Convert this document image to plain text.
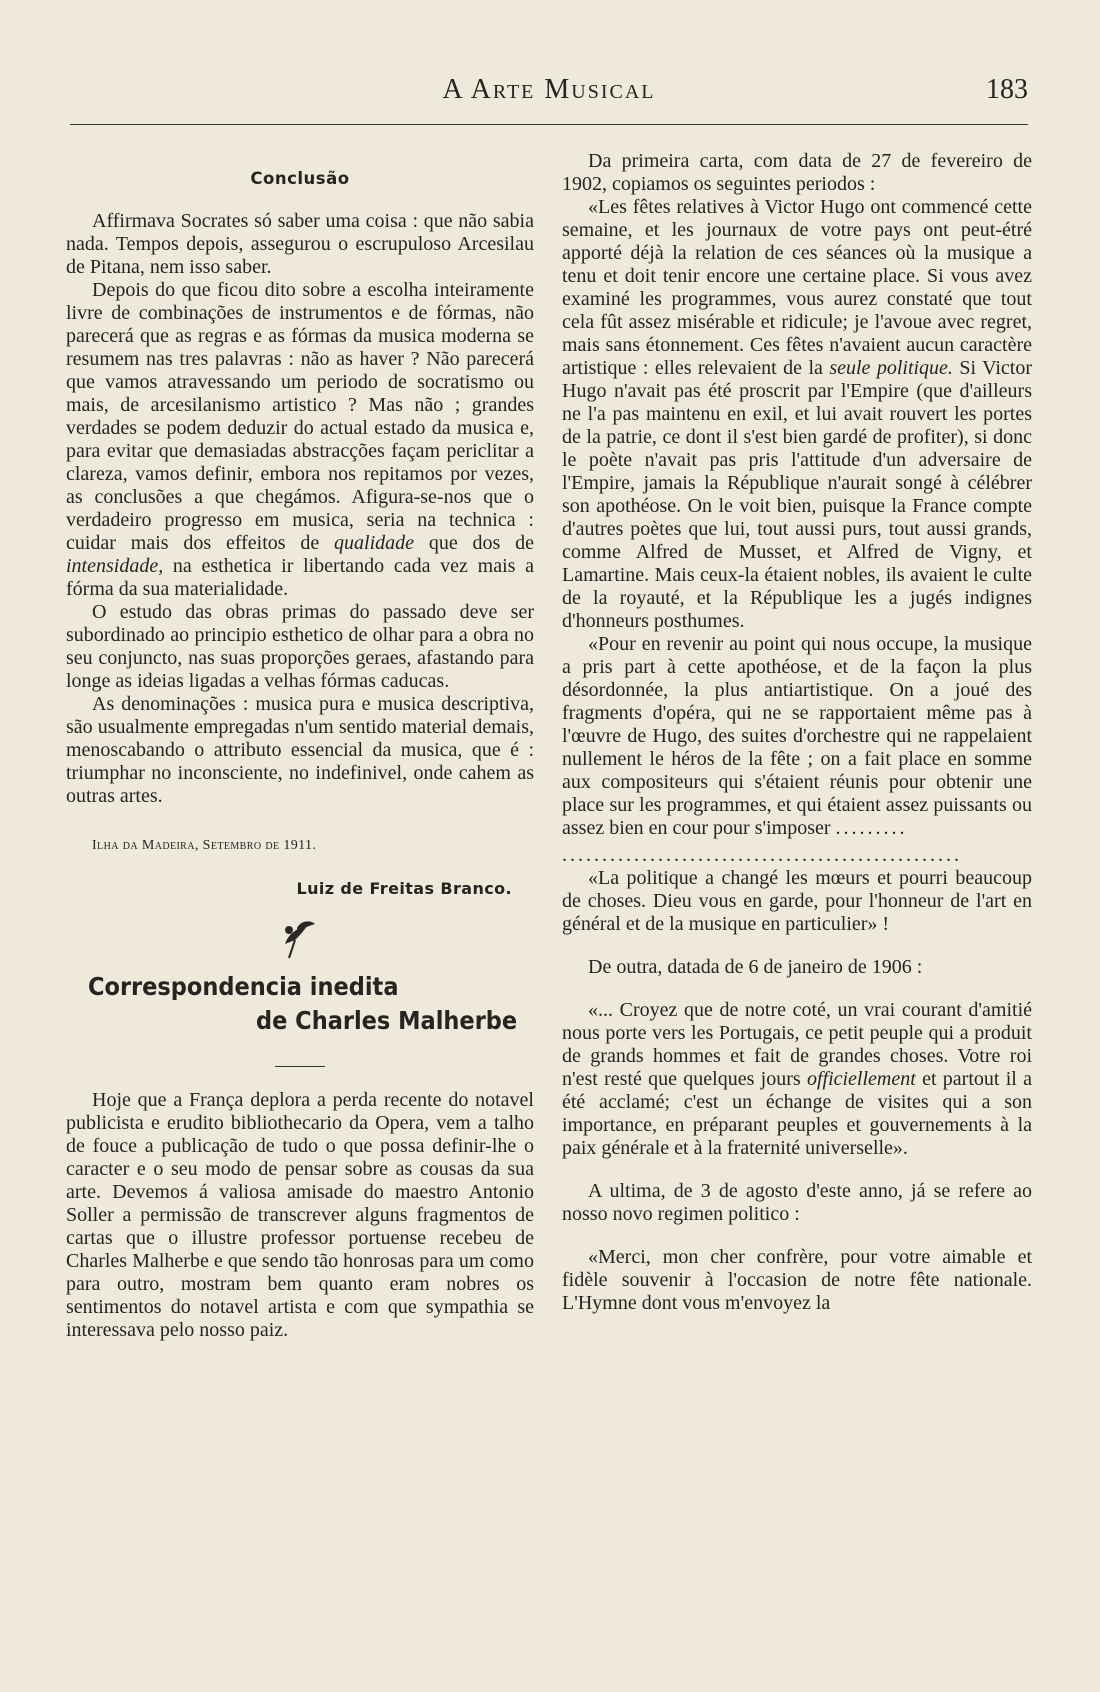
A Arte Musical	183
Conclusão

Affirmava Socrates só saber uma coisa : que não sabia nada. Tempos depois, assegurou o escrupuloso Arcesilau de Pitana, nem isso saber.

Depois do que ficou dito sobre a escolha inteiramente livre de combinações de instrumentos e de fórmas, não parecerá que as regras e as fórmas da musica moderna se resumem nas tres palavras : não as haver ? Não parecerá que vamos atravessando um periodo de socratismo ou mais, de arcesilanismo artistico ? Mas não ; grandes verdades se podem deduzir do actual estado da musica e, para evitar que demasiadas abstracções façam periclitar a clareza, vamos definir, embora nos repitamos por vezes, as conclusões a que chegámos. Afigura-se-nos que o verdadeiro progresso em musica, seria na technica : cuidar mais dos effeitos de qualidade que dos de intensidade, na esthetica ir libertando cada vez mais a fórma da sua materialidade.

O estudo das obras primas do passado deve ser subordinado ao principio esthetico de olhar para a obra no seu conjuncto, nas suas proporções geraes, afastando para longe as ideias ligadas a velhas fórmas caducas.

As denominações : musica pura e musica descriptiva, são usualmente empregadas n'um sentido material demais, menoscabando o attributo essencial da musica, que é : triumphar no inconsciente, no indefinivel, onde cahem as outras artes.

Ilha da Madeira, Setembro de 1911.
Luiz de Freitas Branco.
Correspondencia inedita
de Charles Malherbe

Hoje que a França deplora a perda recente do notavel publicista e erudito bibliothecario da Opera, vem a talho de fouce a publicação de tudo o que possa definir-lhe o caracter e o seu modo de pensar sobre as cousas da sua arte. Devemos á valiosa amisade do maestro Antonio Soller a permissão de transcrever alguns fragmentos de cartas que o illustre professor portuense recebeu de Charles Malherbe e que sendo tão honrosas para um como para outro, mostram bem quanto eram nobres os sentimentos do notavel artista e com que sympathia se interessava pelo nosso paiz.

Da primeira carta, com data de 27 de fevereiro de 1902, copiamos os seguintes periodos :

«Les fêtes relatives à Victor Hugo ont commencé cette semaine, et les journaux de votre pays ont peut-étré apporté déjà la relation de ces séances où la musique a tenu et doit tenir encore une certaine place. Si vous avez examiné les programmes, vous aurez constaté que tout cela fût assez misérable et ridicule; je l'avoue avec regret, mais sans étonnement. Ces fêtes n'avaient aucun caractère artistique : elles relevaient de la seule politique. Si Victor Hugo n'avait pas été proscrit par l'Empire (que d'ailleurs ne l'a pas maintenu en exil, et lui avait rouvert les portes de la patrie, ce dont il s'est bien gardé de profiter), si donc le poète n'avait pas pris l'attitude d'un adversaire de l'Empire, jamais la République n'aurait songé à célébrer son apothéose. On le voit bien, puisque la France compte d'autres poètes que lui, tout aussi purs, tout aussi grands, comme Alfred de Musset, et Alfred de Vigny, et Lamartine. Mais ceux-la étaient nobles, ils avaient le culte de la royauté, et la République les a jugés indignes d'honneurs posthumes.

«Pour en revenir au point qui nous occupe, la musique a pris part à cette apothéose, et de la façon la plus désordonnée, la plus antiartistique. On a joué des fragments d'opéra, qui ne se rapportaient même pas à l'œuvre de Hugo, des suites d'orchestre qui ne rappelaient nullement le héros de la fête ; on a fait place en somme aux compositeurs qui s'étaient réunis pour obtenir une place sur les programmes, et qui étaient assez puissants ou assez bien en cour pour s'imposer .........

..................................................

«La politique a changé les mœurs et pourri beaucoup de choses. Dieu vous en garde, pour l'honneur de l'art en général et de la musique en particulier» !

De outra, datada de 6 de janeiro de 1906 :

«... Croyez que de notre coté, un vrai courant d'amitié nous porte vers les Portugais, ce petit peuple qui a produit de grands hommes et fait de grandes choses. Votre roi n'est resté que quelques jours officiellement et partout il a été acclamé; c'est un échange de visites qui a son importance, en préparant peuples et gouvernements à la paix générale et à la fraternité universelle».

A ultima, de 3 de agosto d'este anno, já se refere ao nosso novo regimen politico :

«Merci, mon cher confrère, pour votre aimable et fidèle souvenir à l'occasion de notre fête nationale. L'Hymne dont vous m'envoyez la
